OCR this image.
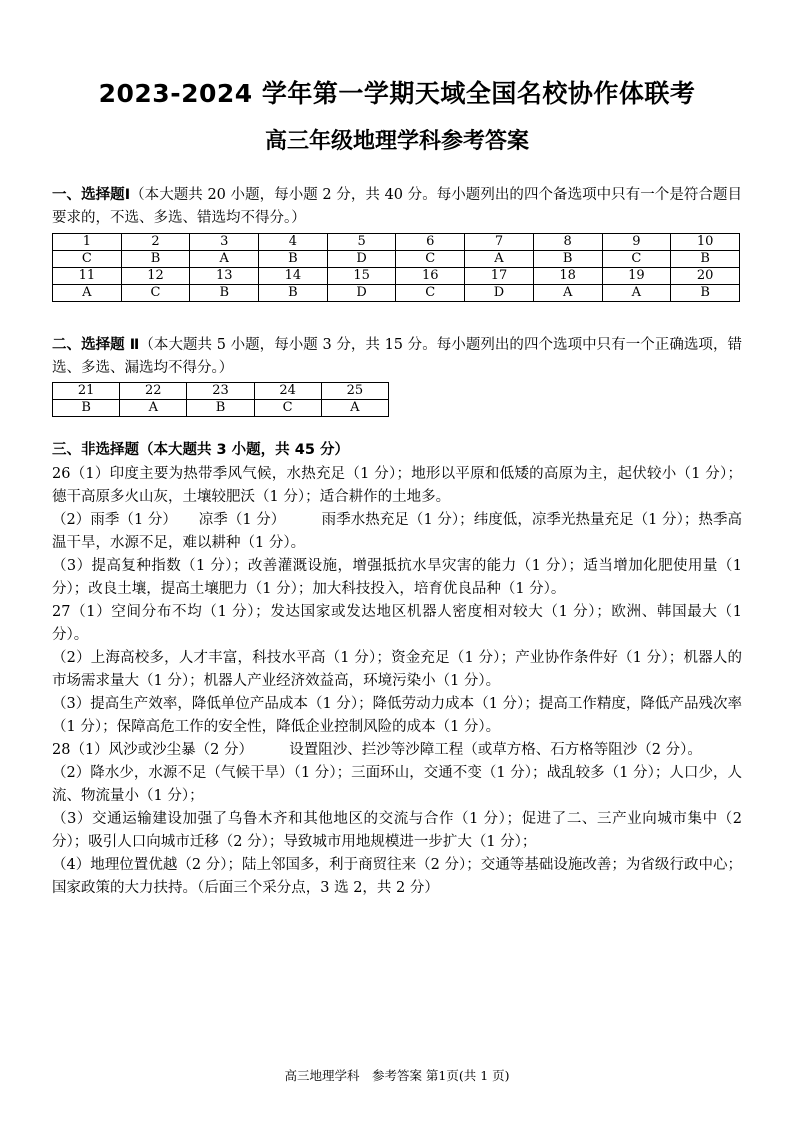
2023-2024 学年第一学期天域全国名校协作体联考
高三年级地理学科参考答案
一、选择题Ⅰ（本大题共 20 小题，每小题 2 分，共 40 分。每小题列出的四个备选项中只有一个是符合题目要求的，不选、多选、错选均不得分。）
1	2	3	4	5	6	7	8	9	10
C	B	A	B	D	C	A	B	C	B
11	12	13	14	15	16	17	18	19	20
A	C	B	B	D	C	D	A	A	B
二、选择题 Ⅱ（本大题共 5 小题，每小题 3 分，共 15 分。每小题列出的四个选项中只有一个正确选项，错选、多选、漏选均不得分。）
21	22	23	24	25
B	A	B	C	A
三、非选择题（本大题共 3 小题，共 45 分）
26（1）印度主要为热带季风气候，水热充足（1 分）；地形以平原和低矮的高原为主，起伏较小（1 分）；德干高原多火山灰，土壤较肥沃（1 分）；适合耕作的土地多。
（2）雨季（1 分）　　凉季（1 分）　　　雨季水热充足（1 分）；纬度低，凉季光热量充足（1 分）；热季高温干旱，水源不足，难以耕种（1 分）。
（3）提高复种指数（1 分）；改善灌溉设施，增强抵抗水旱灾害的能力（1 分）；适当增加化肥使用量（1 分）；改良土壤，提高土壤肥力（1 分）；加大科技投入，培育优良品种（1 分）。
27（1）空间分布不均（1 分）；发达国家或发达地区机器人密度相对较大（1 分）；欧洲、韩国最大（1 分）。
（2）上海高校多，人才丰富，科技水平高（1 分）；资金充足（1 分）；产业协作条件好（1 分）；机器人的市场需求量大（1 分）；机器人产业经济效益高，环境污染小（1 分）。
（3）提高生产效率，降低单位产品成本（1 分）；降低劳动力成本（1 分）；提高工作精度，降低产品残次率（1 分）；保障高危工作的安全性，降低企业控制风险的成本（1 分）。
28（1）风沙或沙尘暴（2 分）　　　设置阻沙、拦沙等沙障工程（或草方格、石方格等阻沙（2 分）。
（2）降水少，水源不足（气候干旱）（1 分）；三面环山，交通不变（1 分）；战乱较多（1 分）；人口少，人流、物流量小（1 分）；
（3）交通运输建设加强了乌鲁木齐和其他地区的交流与合作（1 分）；促进了二、三产业向城市集中（2 分）；吸引人口向城市迁移（2 分）；导致城市用地规模进一步扩大（1 分）；
（4）地理位置优越（2 分）；陆上邻国多，利于商贸往来（2 分）；交通等基础设施改善；为省级行政中心；国家政策的大力扶持。（后面三个采分点，3 选 2，共 2 分）
高三地理学科　参考答案 第1页(共 1 页)
